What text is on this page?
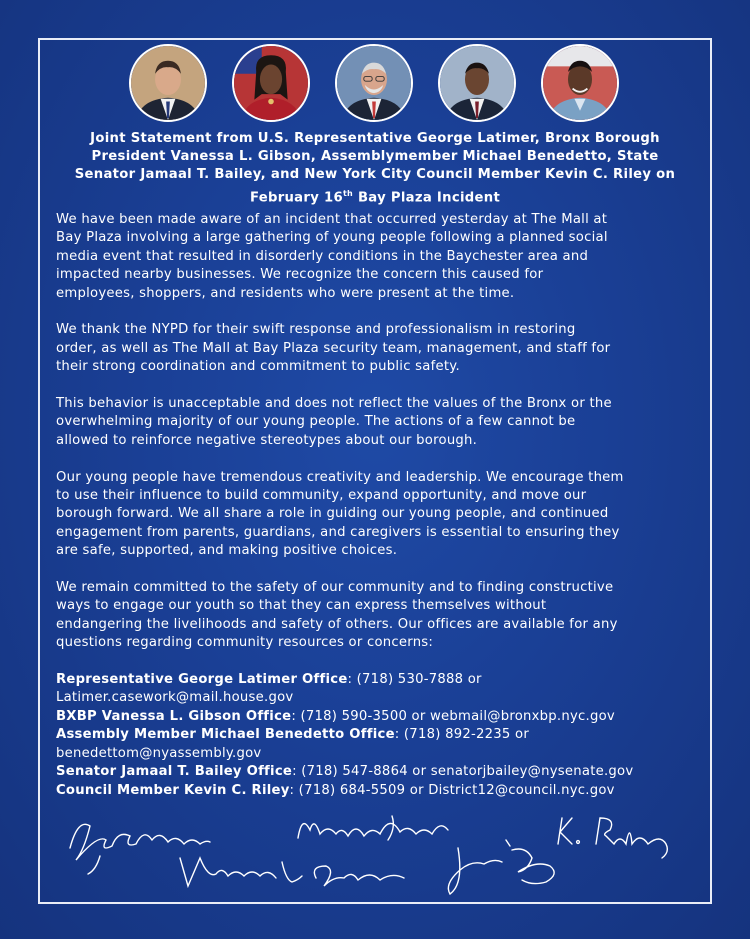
Joint Statement from U.S. Representative George Latimer, Bronx Borough
President Vanessa L. Gibson, Assemblymember Michael Benedetto, State
Senator Jamaal T. Bailey, and New York City Council Member Kevin C. Riley on
February 16th Bay Plaza Incident

We have been made aware of an incident that occurred yesterday at The Mall at
Bay Plaza involving a large gathering of young people following a planned social
media event that resulted in disorderly conditions in the Baychester area and
impacted nearby businesses. We recognize the concern this caused for
employees, shoppers, and residents who were present at the time.

We thank the NYPD for their swift response and professionalism in restoring
order, as well as The Mall at Bay Plaza security team, management, and staff for
their strong coordination and commitment to public safety.

This behavior is unacceptable and does not reflect the values of the Bronx or the
overwhelming majority of our young people. The actions of a few cannot be
allowed to reinforce negative stereotypes about our borough.

Our young people have tremendous creativity and leadership. We encourage them
to use their influence to build community, expand opportunity, and move our
borough forward. We all share a role in guiding our young people, and continued
engagement from parents, guardians, and caregivers is essential to ensuring they
are safe, supported, and making positive choices.

We remain committed to the safety of our community and to finding constructive
ways to engage our youth so that they can express themselves without
endangering the livelihoods and safety of others. Our offices are available for any
questions regarding community resources or concerns:

Representative George Latimer Office: (718) 530-7888 or
Latimer.casework@mail.house.gov
BXBP Vanessa L. Gibson Office: (718) 590-3500 or webmail@bronxbp.nyc.gov
Assembly Member Michael Benedetto Office: (718) 892-2235 or
benedettom@nyassembly.gov
Senator Jamaal T. Bailey Office: (718) 547-8864 or senatorjbailey@nysenate.gov
Council Member Kevin C. Riley: (718) 684-5509 or District12@council.nyc.gov
